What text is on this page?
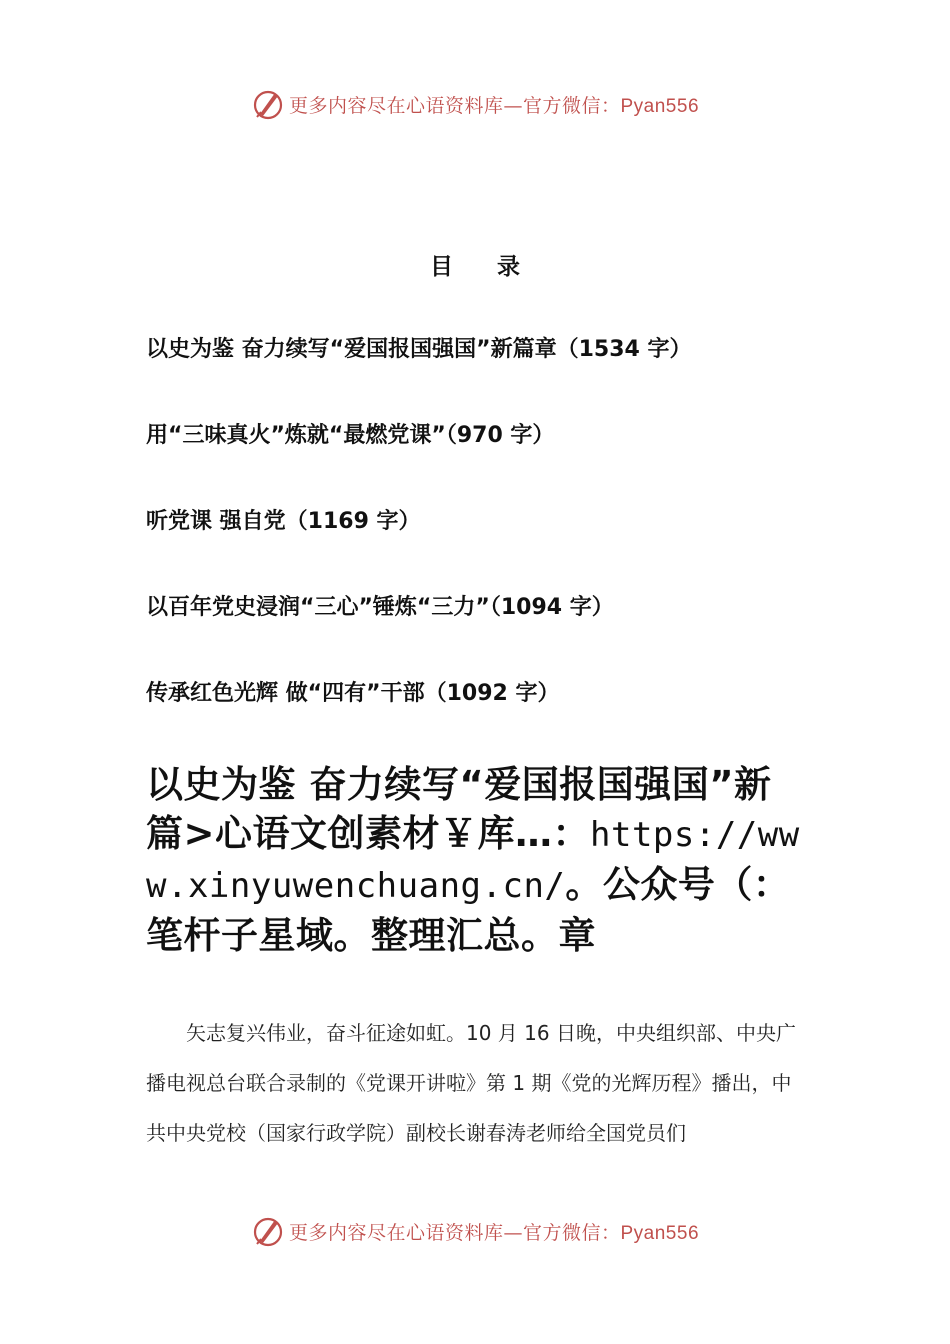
更多内容尽在心语资料库—官方微信：Pyan556
目 录
以史为鉴 奋力续写“爱国报国强国”新篇章（1534 字）
用“三味真火”炼就“最燃党课”（970 字）
听党课 强自党（1169 字）
以百年党史浸润“三心”锤炼“三力”（1094 字）
传承红色光辉 做“四有”干部（1092 字）
以史为鉴 奋力续写“爱国报国强国”新篇>心语文创素材￥库…：https://www.xinyuwenchuang.cn/。公众号（：笔杆子星域。整理汇总。章

矢志复兴伟业，奋斗征途如虹。10 月 16 日晚，中央组织部、中央广播电视总台联合录制的《党课开讲啦》第 1 期《党的光辉历程》播出，中共中央党校（国家行政学院）副校长谢春涛老师给全国党员们

更多内容尽在心语资料库—官方微信：Pyan556
